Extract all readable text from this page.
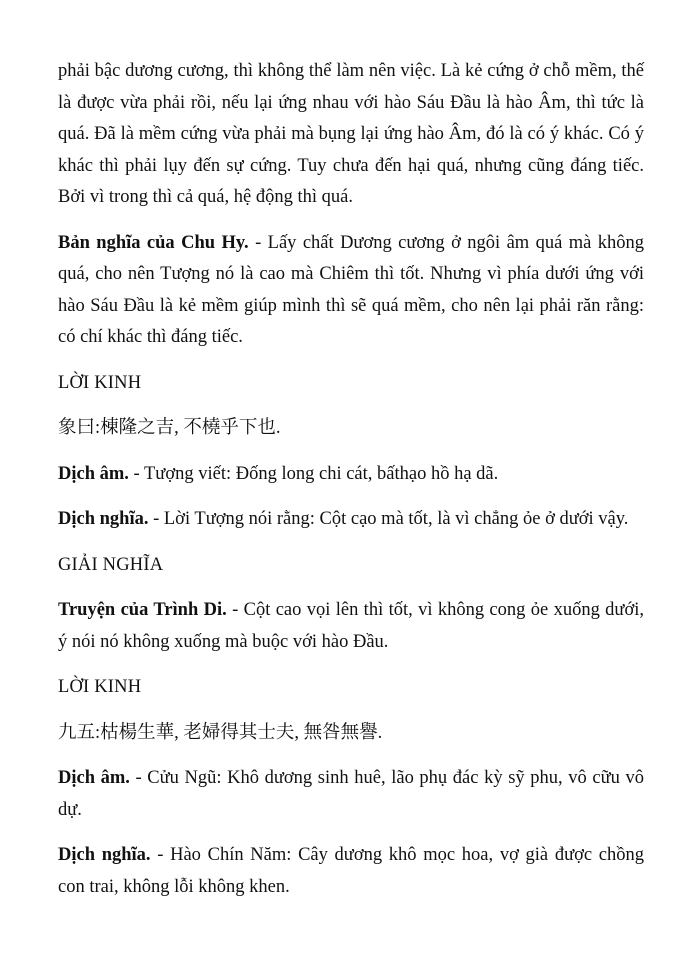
phải bậc dương cương, thì không thể làm nên việc. Là kẻ cứng ở chỗ mềm, thế là được vừa phải rồi, nếu lại ứng nhau với hào Sáu Đầu là hào Âm, thì tức là quá. Đã là mềm cứng vừa phải mà bụng lại ứng hào Âm, đó là có ý khác. Có ý khác thì phải lụy đến sự cứng. Tuy chưa đến hại quá, nhưng cũng đáng tiếc. Bởi vì trong thì cả quá, hệ động thì quá.

Bản nghĩa của Chu Hy. - Lấy chất Dương cương ở ngôi âm quá mà không quá, cho nên Tượng nó là cao mà Chiêm thì tốt. Nhưng vì phía dưới ứng với hào Sáu Đầu là kẻ mềm giúp mình thì sẽ quá mềm, cho nên lại phải răn rằng: có chí khác thì đáng tiếc.

LỜI KINH

象曰:棟隆之吉, 不橈乎下也.

Dịch âm. - Tượng viết: Đống long chi cát, bấthạo hồ hạ dã.

Dịch nghĩa. - Lời Tượng nói rằng: Cột cạo mà tốt, là vì chẳng ỏe ở dưới vậy.

GIẢI NGHĨA

Truyện của Trình Di. - Cột cao vọi lên thì tốt, vì không cong ỏe xuống dưới, ý nói nó không xuống mà buộc với hào Đầu.

LỜI KINH

九五:枯楊生華, 老婦得其士夫, 無咎無譽.

Dịch âm. - Cửu Ngũ: Khô dương sinh huê, lão phụ đác kỳ sỹ phu, vô cữu vô dự.

Dịch nghĩa. - Hào Chín Năm: Cây dương khô mọc hoa, vợ già được chồng con trai, không lỗi không khen.
